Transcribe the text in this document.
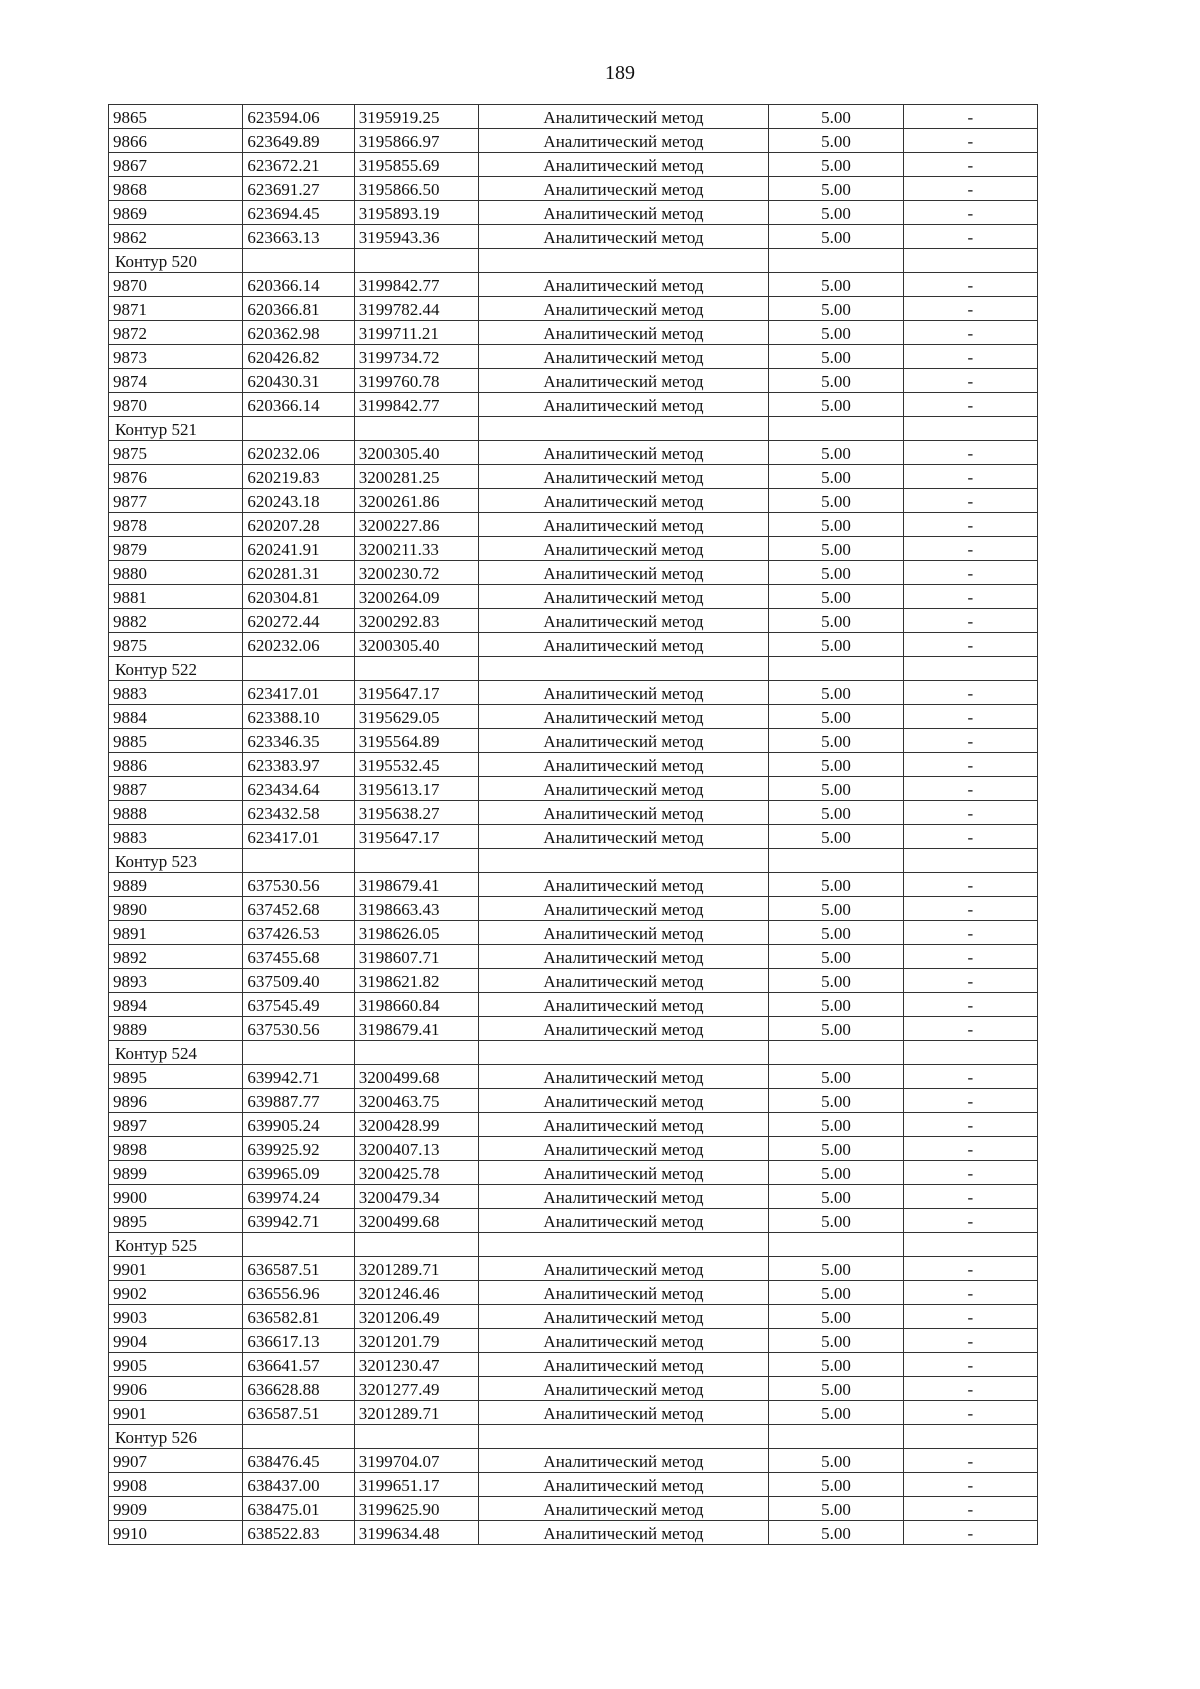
189
9865	623594.06	3195919.25	Аналитический метод	5.00	-
9866	623649.89	3195866.97	Аналитический метод	5.00	-
9867	623672.21	3195855.69	Аналитический метод	5.00	-
9868	623691.27	3195866.50	Аналитический метод	5.00	-
9869	623694.45	3195893.19	Аналитический метод	5.00	-
9862	623663.13	3195943.36	Аналитический метод	5.00	-
Контур 520					
9870	620366.14	3199842.77	Аналитический метод	5.00	-
9871	620366.81	3199782.44	Аналитический метод	5.00	-
9872	620362.98	3199711.21	Аналитический метод	5.00	-
9873	620426.82	3199734.72	Аналитический метод	5.00	-
9874	620430.31	3199760.78	Аналитический метод	5.00	-
9870	620366.14	3199842.77	Аналитический метод	5.00	-
Контур 521					
9875	620232.06	3200305.40	Аналитический метод	5.00	-
9876	620219.83	3200281.25	Аналитический метод	5.00	-
9877	620243.18	3200261.86	Аналитический метод	5.00	-
9878	620207.28	3200227.86	Аналитический метод	5.00	-
9879	620241.91	3200211.33	Аналитический метод	5.00	-
9880	620281.31	3200230.72	Аналитический метод	5.00	-
9881	620304.81	3200264.09	Аналитический метод	5.00	-
9882	620272.44	3200292.83	Аналитический метод	5.00	-
9875	620232.06	3200305.40	Аналитический метод	5.00	-
Контур 522					
9883	623417.01	3195647.17	Аналитический метод	5.00	-
9884	623388.10	3195629.05	Аналитический метод	5.00	-
9885	623346.35	3195564.89	Аналитический метод	5.00	-
9886	623383.97	3195532.45	Аналитический метод	5.00	-
9887	623434.64	3195613.17	Аналитический метод	5.00	-
9888	623432.58	3195638.27	Аналитический метод	5.00	-
9883	623417.01	3195647.17	Аналитический метод	5.00	-
Контур 523					
9889	637530.56	3198679.41	Аналитический метод	5.00	-
9890	637452.68	3198663.43	Аналитический метод	5.00	-
9891	637426.53	3198626.05	Аналитический метод	5.00	-
9892	637455.68	3198607.71	Аналитический метод	5.00	-
9893	637509.40	3198621.82	Аналитический метод	5.00	-
9894	637545.49	3198660.84	Аналитический метод	5.00	-
9889	637530.56	3198679.41	Аналитический метод	5.00	-
Контур 524					
9895	639942.71	3200499.68	Аналитический метод	5.00	-
9896	639887.77	3200463.75	Аналитический метод	5.00	-
9897	639905.24	3200428.99	Аналитический метод	5.00	-
9898	639925.92	3200407.13	Аналитический метод	5.00	-
9899	639965.09	3200425.78	Аналитический метод	5.00	-
9900	639974.24	3200479.34	Аналитический метод	5.00	-
9895	639942.71	3200499.68	Аналитический метод	5.00	-
Контур 525					
9901	636587.51	3201289.71	Аналитический метод	5.00	-
9902	636556.96	3201246.46	Аналитический метод	5.00	-
9903	636582.81	3201206.49	Аналитический метод	5.00	-
9904	636617.13	3201201.79	Аналитический метод	5.00	-
9905	636641.57	3201230.47	Аналитический метод	5.00	-
9906	636628.88	3201277.49	Аналитический метод	5.00	-
9901	636587.51	3201289.71	Аналитический метод	5.00	-
Контур 526					
9907	638476.45	3199704.07	Аналитический метод	5.00	-
9908	638437.00	3199651.17	Аналитический метод	5.00	-
9909	638475.01	3199625.90	Аналитический метод	5.00	-
9910	638522.83	3199634.48	Аналитический метод	5.00	-
